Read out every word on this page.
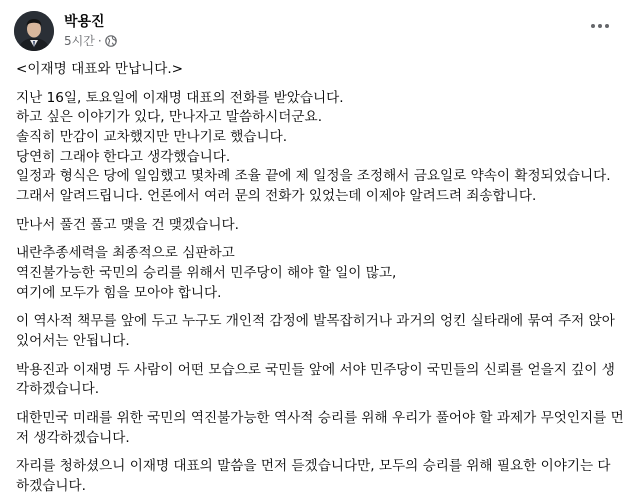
박용진
5시간 ·
<이재명 대표와 만납니다.>
지난 16일, 토요일에 이재명 대표의 전화를 받았습니다.
하고 싶은 이야기가 있다, 만나자고 말씀하시더군요.
솔직히 만감이 교차했지만 만나기로 했습니다.
당연히 그래야 한다고 생각했습니다.
일정과 형식은 당에 일임했고 몇차례 조율 끝에 제 일정을 조정해서 금요일로 약속이 확정되었습니다.
그래서 알려드립니다. 언론에서 여러 문의 전화가 있었는데 이제야 알려드려 죄송합니다.
만나서 풀건 풀고 맺을 건 맺겠습니다.
내란추종세력을 최종적으로 심판하고
역진불가능한 국민의 승리를 위해서 민주당이 해야 할 일이 많고,
여기에 모두가 힘을 모아야 합니다.
이 역사적 책무를 앞에 두고 누구도 개인적 감정에 발목잡히거나 과거의 엉킨 실타래에 묶여 주저 앉아
있어서는 안됩니다.
박용진과 이재명 두 사람이 어떤 모습으로 국민들 앞에 서야 민주당이 국민들의 신뢰를 얻을지 깊이 생
각하겠습니다.
대한민국 미래를 위한 국민의 역진불가능한 역사적 승리를 위해 우리가 풀어야 할 과제가 무엇인지를 먼
저 생각하겠습니다.
자리를 청하셨으니 이재명 대표의 말씀을 먼저 듣겠습니다만, 모두의 승리를 위해 필요한 이야기는 다
하겠습니다.
